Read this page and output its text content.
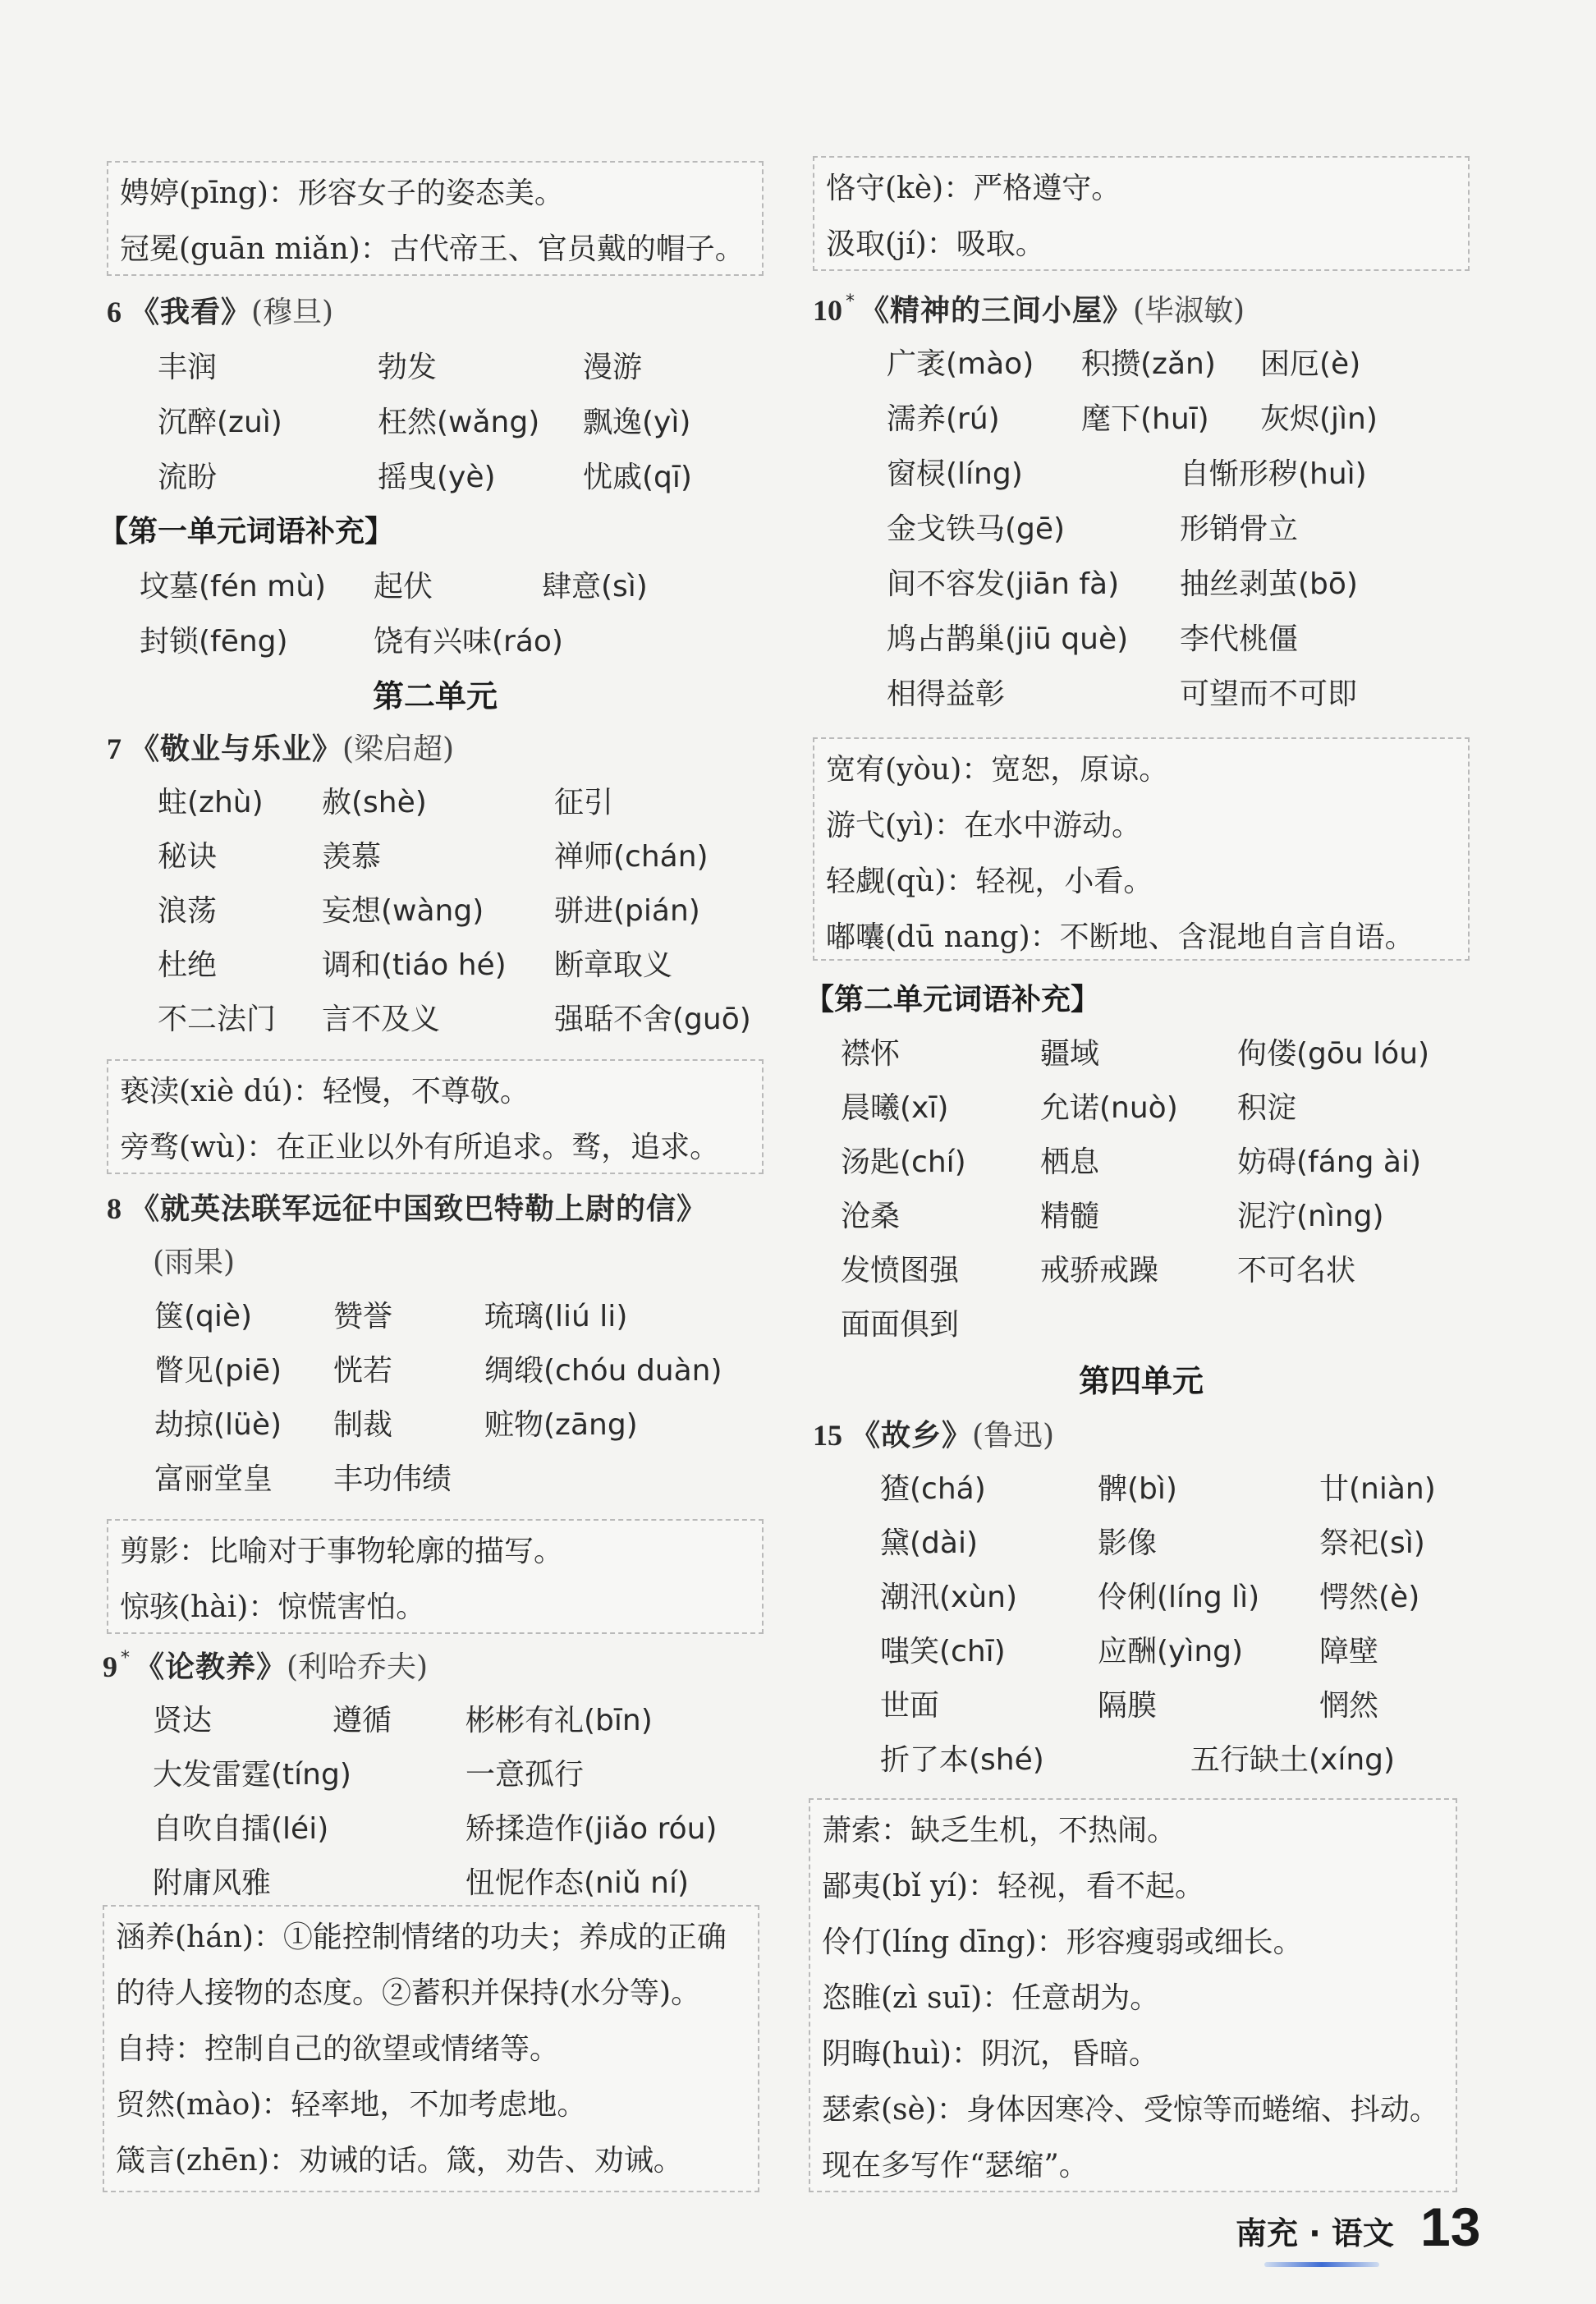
娉婷(pīng)：形容女子的姿态美。
冠冕(guān miǎn)：古代帝王、官员戴的帽子。
6 《我看》(穆旦)
丰润	勃发	漫游
沉醉(zuì)	枉然(wǎng) 飘逸(yì)
流盼	摇曳(yè)	忧戚(qī)
【第一单元词语补充】
坟墓(fén mù) 起伏	肆意(sì)
封锁(fēng)	饶有兴味(ráo)
第二单元
7 《敬业与乐业》(梁启超)
蛀(zhù) 赦(shè)	征引
秘诀	羡慕	禅师(chán)
浪荡	妄想(wàng) 骈进(pián)
杜绝	调和(tiáo hé) 断章取义
不二法门 言不及义	强聒不舍(guō)
亵渎(xiè dú)：轻慢，不尊敬。
旁骛(wù)：在正业以外有所追求。骛，追求。
8 《就英法联军远征中国致巴特勒上尉的信》
(雨果)
箧(qiè)	赞誉	琉璃(liú li)
瞥见(piē) 恍若	绸缎(chóu duàn)
劫掠(lüè) 制裁	赃物(zāng)
富丽堂皇 丰功伟绩
剪影：比喻对于事物轮廓的描写。
惊骇(hài)：惊慌害怕。
9 * 《论教养》(利哈乔夫)
贤达	遵循 彬彬有礼(bīn)
大发雷霆(tíng)	一意孤行
自吹自擂(léi)	矫揉造作(jiǎo róu)
附庸风雅	忸怩作态(niǔ ní)
涵养(hán)：①能控制情绪的功夫；养成的正确
的待人接物的态度。②蓄积并保持(水分等)。
自持：控制自己的欲望或情绪等。
贸然(mào)：轻率地，不加考虑地。
箴言(zhēn)：劝诫的话。箴，劝告、劝诫。
恪守(kè)：严格遵守。
汲取(jí)：吸取。
10 * 《精神的三间小屋》(毕淑敏)
广袤(mào) 积攒(zǎn) 困厄(è)
濡养(rú)	麾下(huī) 灰烬(jìn)
窗棂(líng)	自惭形秽(huì)
金戈铁马(gē)	形销骨立
间不容发(jiān fà) 抽丝剥茧(bō)
鸠占鹊巢(jiū què) 李代桃僵
相得益彰	可望而不可即
宽宥(yòu)：宽恕，原谅。
游弋(yì)：在水中游动。
轻觑(qù)：轻视，小看。
嘟囔(dū nang)：不断地、含混地自言自语。
【第二单元词语补充】
襟怀	疆域	佝偻(gōu lóu)
晨曦(xī)	允诺(nuò) 积淀
汤匙(chí)	栖息	妨碍(fáng ài)
沧桑	精髓	泥泞(nìng)
发愤图强	戒骄戒躁	不可名状
面面俱到
第四单元
15 《故乡》(鲁迅)
猹(chá)	髀(bì)	廿(niàn)
黛(dài)	影像	祭祀(sì)
潮汛(xùn)	伶俐(líng lì) 愕然(è)
嗤笑(chī)	应酬(yìng)	障壁
世面	隔膜	惘然
折了本(shé)	五行缺土(xíng)
萧索：缺乏生机，不热闹。
鄙夷(bǐ yí)：轻视，看不起。
伶仃(líng dīng)：形容瘦弱或细长。
恣睢(zì suī)：任意胡为。
阴晦(huì)：阴沉，昏暗。
瑟索(sè)：身体因寒冷、受惊等而蜷缩、抖动。
现在多写作“瑟缩”。
南充 · 语文 13
